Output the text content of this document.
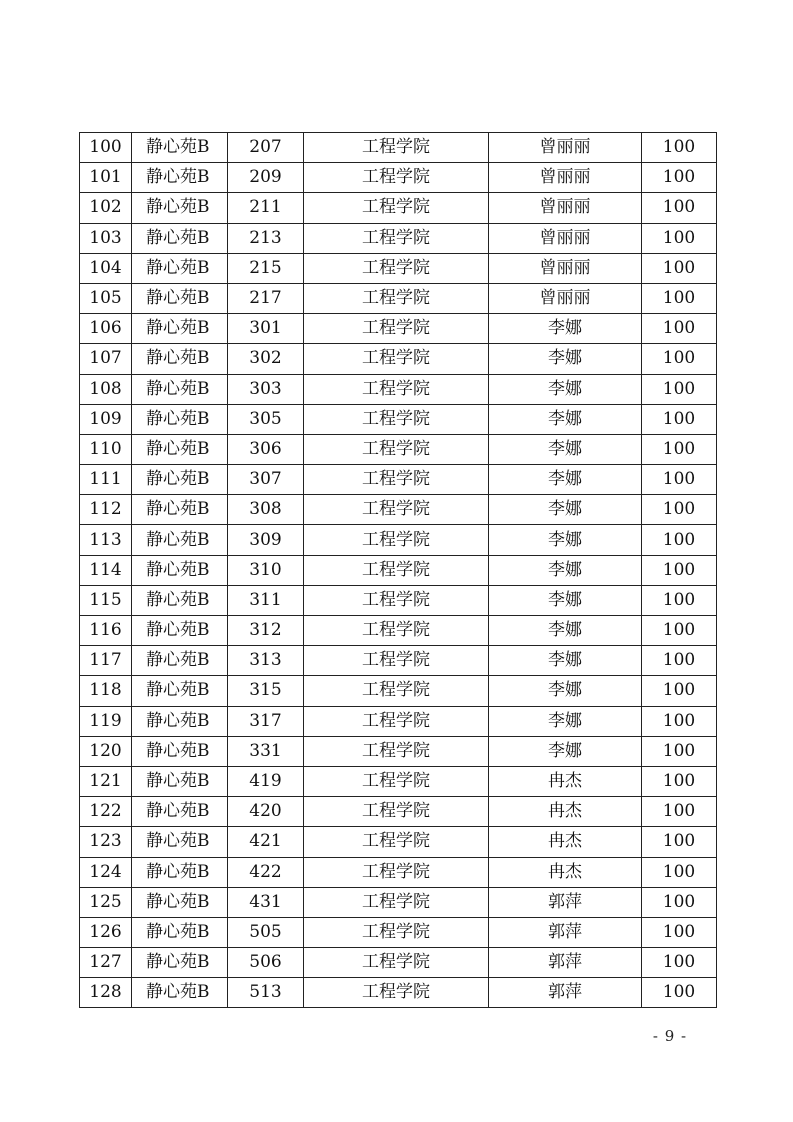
100	静心苑B	207	工程学院	曾丽丽	100
101	静心苑B	209	工程学院	曾丽丽	100
102	静心苑B	211	工程学院	曾丽丽	100
103	静心苑B	213	工程学院	曾丽丽	100
104	静心苑B	215	工程学院	曾丽丽	100
105	静心苑B	217	工程学院	曾丽丽	100
106	静心苑B	301	工程学院	李娜	100
107	静心苑B	302	工程学院	李娜	100
108	静心苑B	303	工程学院	李娜	100
109	静心苑B	305	工程学院	李娜	100
110	静心苑B	306	工程学院	李娜	100
111	静心苑B	307	工程学院	李娜	100
112	静心苑B	308	工程学院	李娜	100
113	静心苑B	309	工程学院	李娜	100
114	静心苑B	310	工程学院	李娜	100
115	静心苑B	311	工程学院	李娜	100
116	静心苑B	312	工程学院	李娜	100
117	静心苑B	313	工程学院	李娜	100
118	静心苑B	315	工程学院	李娜	100
119	静心苑B	317	工程学院	李娜	100
120	静心苑B	331	工程学院	李娜	100
121	静心苑B	419	工程学院	冉杰	100
122	静心苑B	420	工程学院	冉杰	100
123	静心苑B	421	工程学院	冉杰	100
124	静心苑B	422	工程学院	冉杰	100
125	静心苑B	431	工程学院	郭萍	100
126	静心苑B	505	工程学院	郭萍	100
127	静心苑B	506	工程学院	郭萍	100
128	静心苑B	513	工程学院	郭萍	100
- 9 -
